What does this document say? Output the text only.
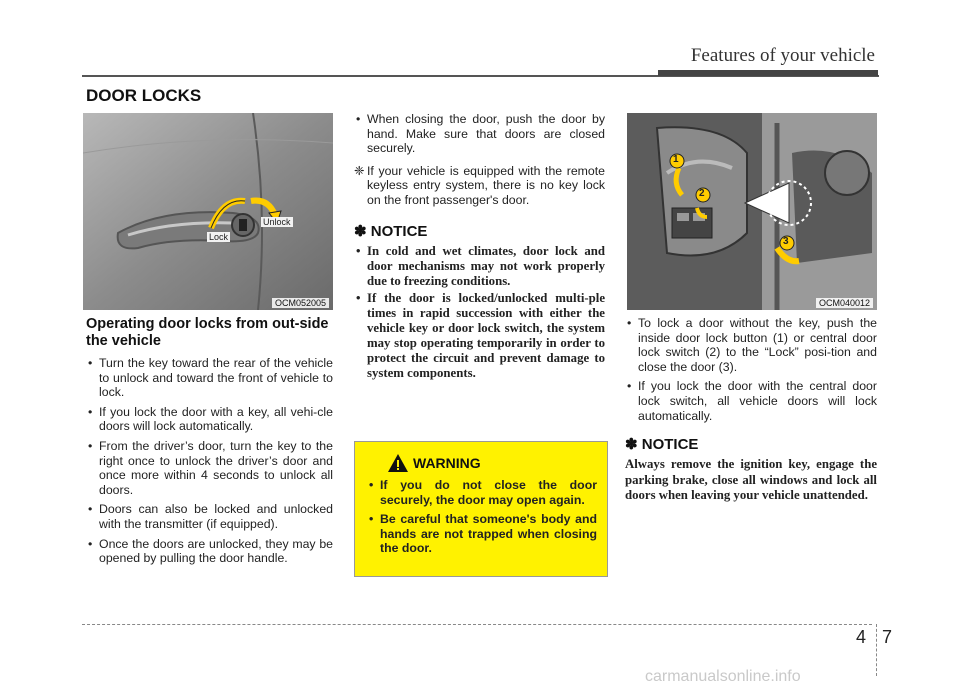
Features of your vehicle
DOOR LOCKS
Lock
Unlock
OCM052005
1
2
3
OCM040012
Operating door locks from out-side the vehicle
• Turn the key toward the rear of the vehicle to unlock and toward the front of vehicle to lock.
• If you lock the door with a key, all vehi-cle doors will lock automatically.
• From the driver’s door, turn the key to the right once to unlock the driver’s door and once more within 4 seconds to unlock all doors.
• Doors can also be locked and unlocked with the transmitter (if equipped).
• Once the doors are unlocked, they may be opened by pulling the door handle.
• When closing the door, push the door by hand. Make sure that doors are closed securely.
❈ If your vehicle is equipped with the remote keyless entry system, there is no key lock on the front passenger's door.
✽ NOTICE
• In cold and wet climates, door lock and door mechanisms may not work properly due to freezing conditions.
• If the door is locked/unlocked multi-ple times in rapid succession with either the vehicle key or door lock switch, the system may stop operating temporarily in order to protect the circuit and prevent damage to system components.
WARNING
• If you do not close the door securely, the door may open again.
• Be careful that someone's body and hands are not trapped when closing the door.
• To lock a door without the key, push the inside door lock button (1) or central door lock switch (2) to the “Lock” posi-tion and close the door (3).
• If you lock the door with the central door lock switch, all vehicle doors will lock automatically.
✽ NOTICE
Always remove the ignition key, engage the parking brake, close all windows and lock all doors when leaving your vehicle unattended.
4 7
carmanualsonline.info
